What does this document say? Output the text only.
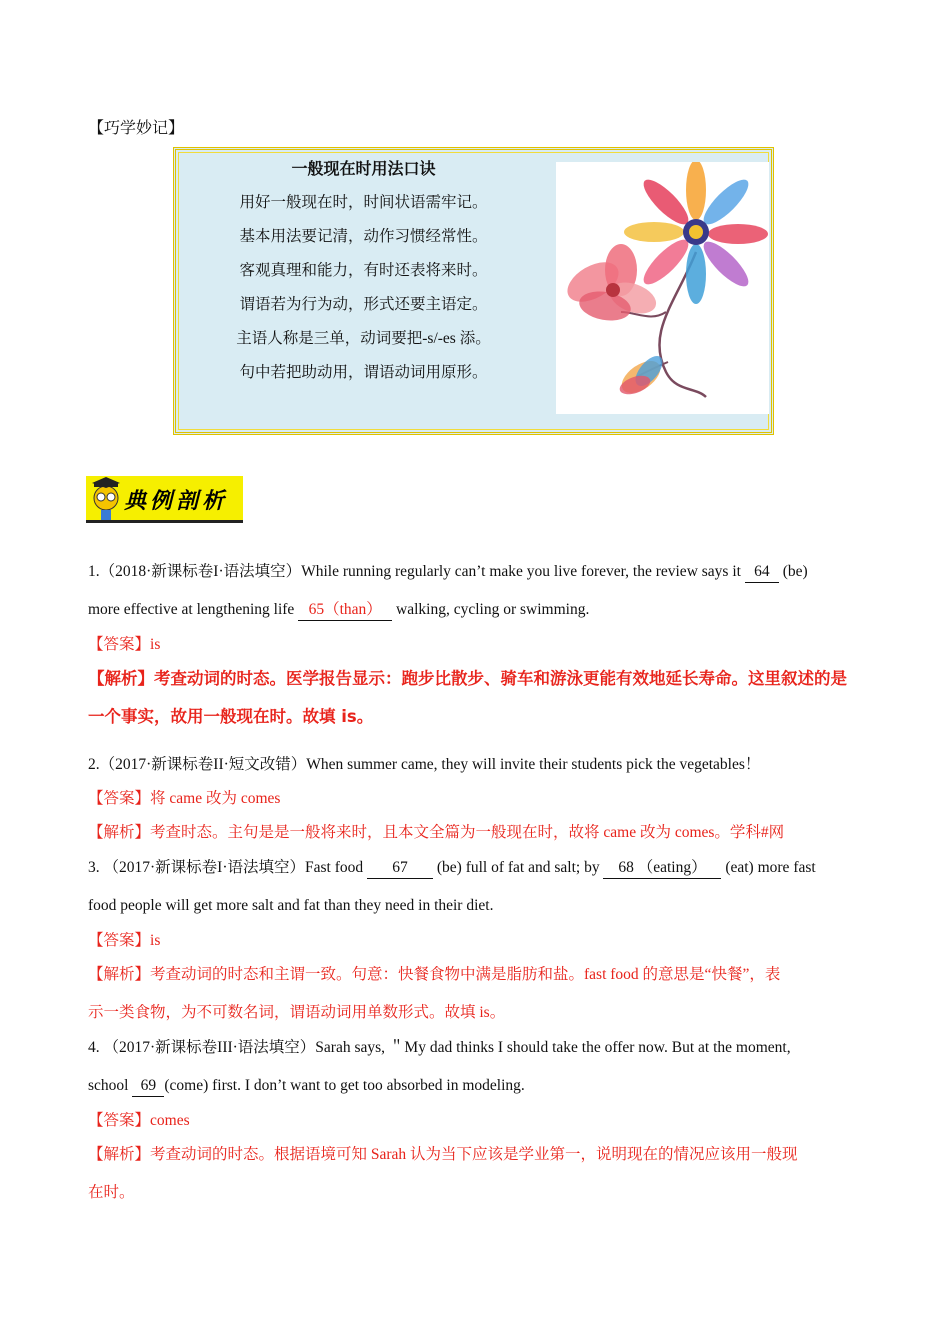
【巧学妙记】
一般现在时用法口诀
用好一般现在时，时间状语需牢记。
基本用法要记清，动作习惯经常性。
客观真理和能力，有时还表将来时。
谓语若为行为动，形式还要主语定。
主语人称是三单，动词要把-s/-es 添。
句中若把助动用，谓语动词用原形。
典例剖析
1.（2018·新课标卷I·语法填空）While running regularly can’t make you live forever, the review says it 64 (be)
more effective at lengthening life 65（than） walking, cycling or swimming.
【答案】is
【解析】考查动词的时态。医学报告显示：跑步比散步、骑车和游泳更能有效地延长寿命。这里叙述的是
一个事实，故用一般现在时。故填 is。
2.（2017·新课标卷II·短文改错）When summer came, they will invite their students pick the vegetables！
【答案】将 came 改为 comes
【解析】考查时态。主句是是一般将来时，且本文全篇为一般现在时，故将 came 改为 comes。学科#网
3. （2017·新课标卷I·语法填空）Fast food 67 (be) full of fat and salt; by 68 （eating） (eat) more fast
food people will get more salt and fat than they need in their diet.
【答案】is
【解析】考查动词的时态和主谓一致。句意：快餐食物中满是脂肪和盐。fast food 的意思是“快餐”，表
示一类食物，为不可数名词，谓语动词用单数形式。故填 is。
4. （2017·新课标卷III·语法填空）Sarah says, ＂My dad thinks I should take the offer now. But at the moment,
school 69 (come) first. I don’t want to get too absorbed in modeling.
【答案】comes
【解析】考查动词的时态。根据语境可知 Sarah 认为当下应该是学业第一，说明现在的情况应该用一般现
在时。
